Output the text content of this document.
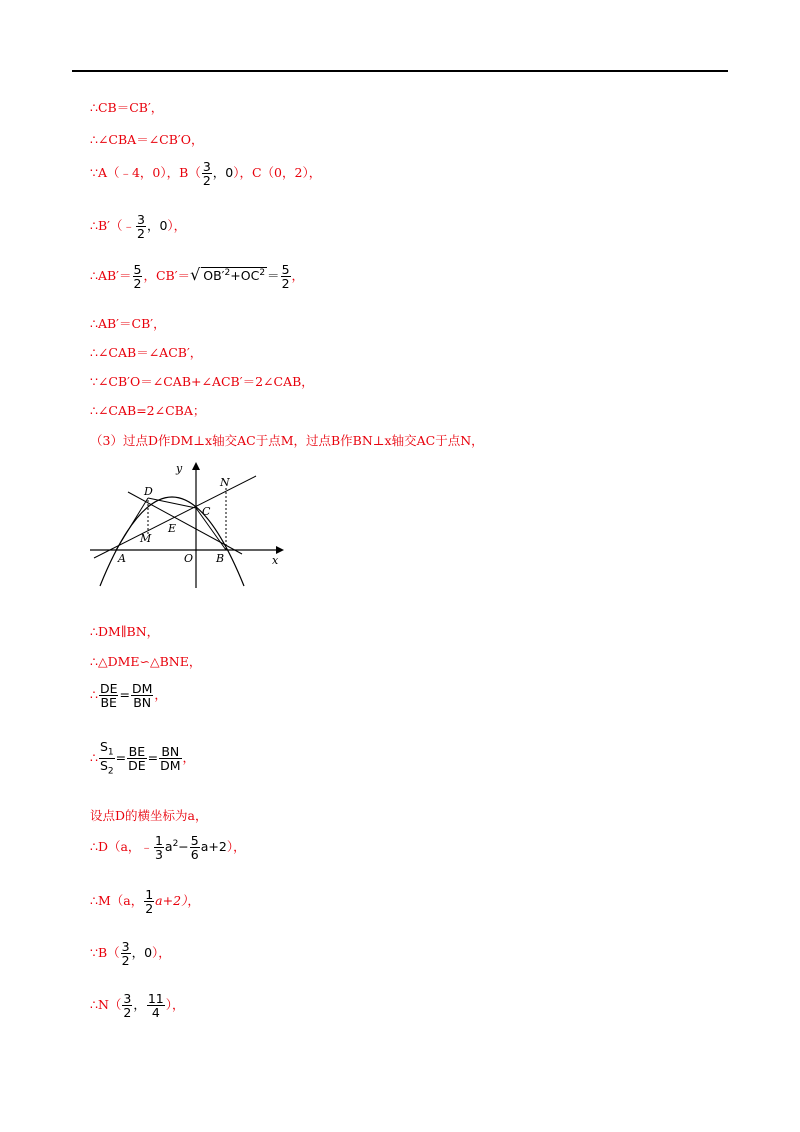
∴CB＝CB′，
∴∠CBA＝∠CB′O，
∵A（﹣4，0），$B( \frac{3}{2}$ ，0），C（0，2），
∴B′（﹣ $\frac{3}{2}$ ，0），
∴AB′＝ $\frac{5}{2}$ ，CB′＝√ $OB'^2+OC^2 = \frac{5}{2}$ ，
∴AB′＝CB′，
∴∠CAB＝∠ACB′，
∵∠CB′O＝∠CAB+∠ACB′＝2∠CAB，
∴∠CAB=2∠CBA；
（3）过点D作DM⊥x轴交AC于点M，过点B作BN⊥x轴交AC于点N，
y
x
A	O B
C
D
E
M
N
∴DM∥BN，
∴△DME∽△BNE，
∴ $\frac{DE}{BE} = \frac{DM}{BN}$ ，
∴ $\frac{S_1}{S_2} = \frac{BE}{DE} = \frac{BN}{DM}$ ，
设点D的横坐标为a，
∴D（a，﹣ $\frac{1}{3} a^2- \frac{5}{6} a+2$），
∴M（a， $\frac{1}{2} a+2$），
∵B（ $\frac{3}{2}$ ，0），
∴N（ $\frac{3}{2}$ ， $\frac{11}{4}$ ），
